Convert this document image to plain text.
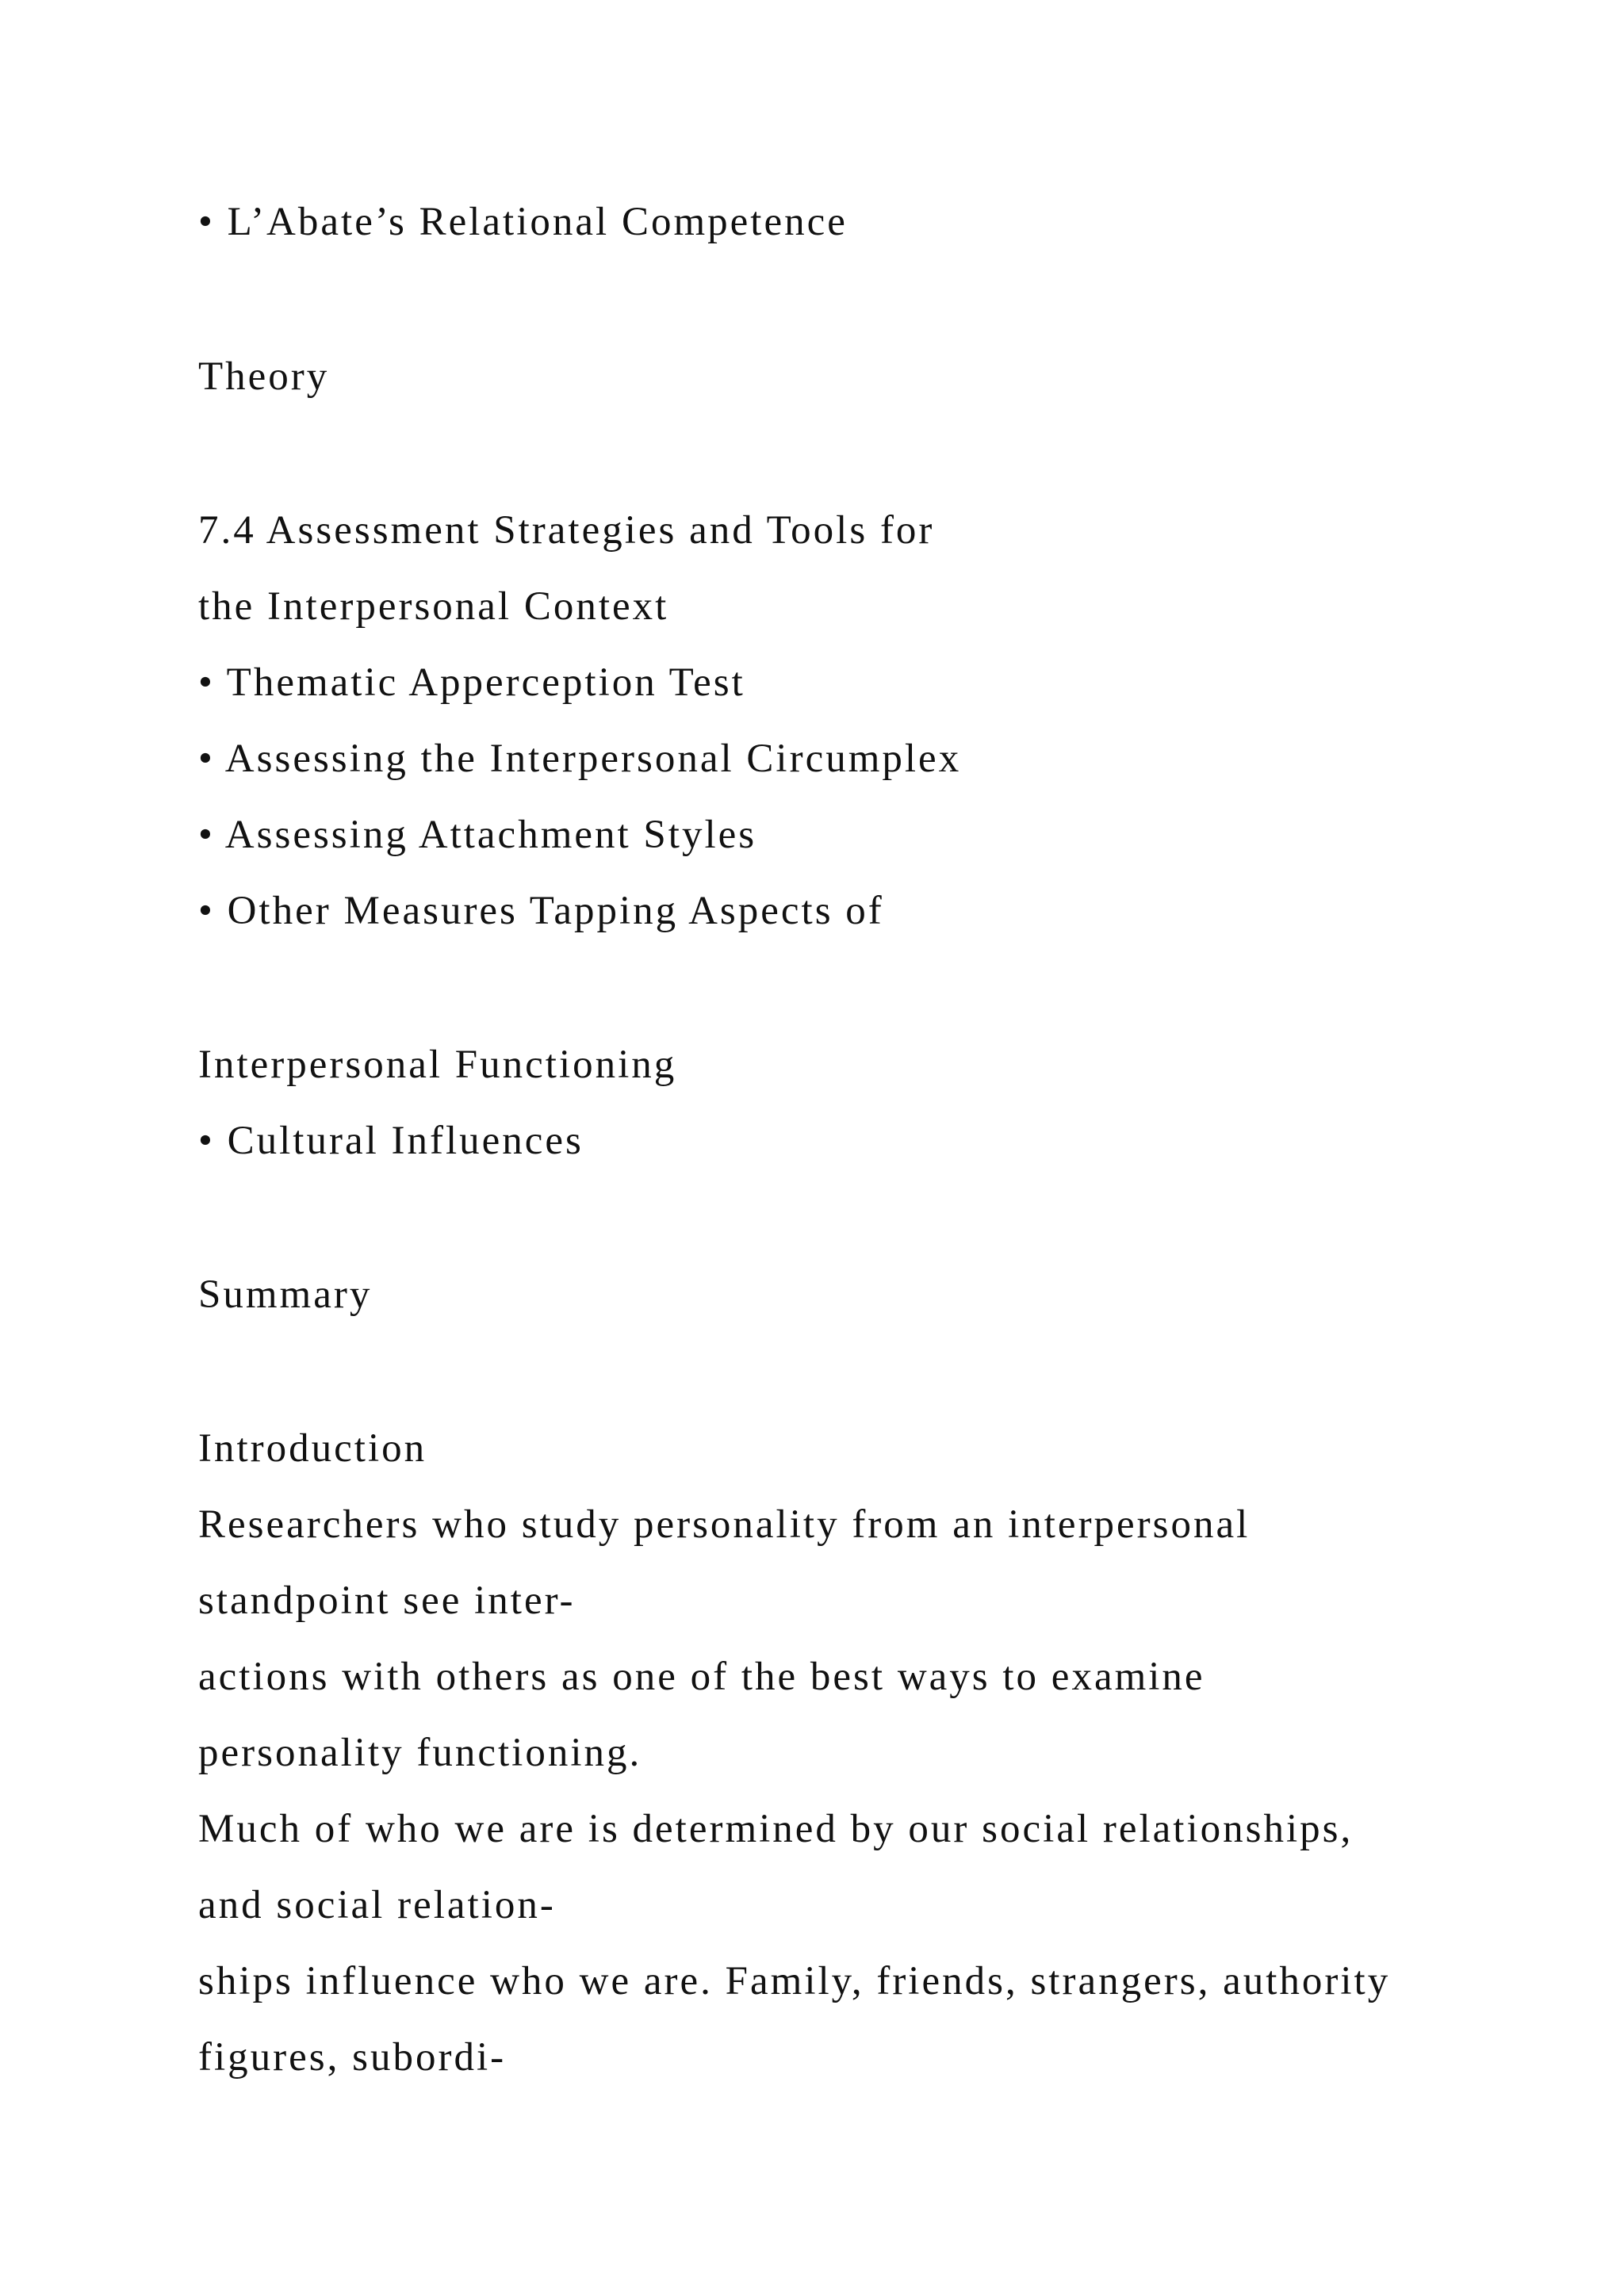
• L’Abate’s Relational Competence

Theory

7.4 Assessment Strategies and Tools for

the Interpersonal Context

• Thematic Apperception Test

• Assessing the Interpersonal Circumplex

• Assessing Attachment Styles

• Other Measures Tapping Aspects of

Interpersonal Functioning

• Cultural Influences

Summary

Introduction

Researchers who study personality from an interpersonal

standpoint see inter-

actions with others as one of the best ways to examine

personality functioning.

Much of who we are is determined by our social relationships,

and social relation-

ships influence who we are. Family, friends, strangers, authority

figures, subordi-
